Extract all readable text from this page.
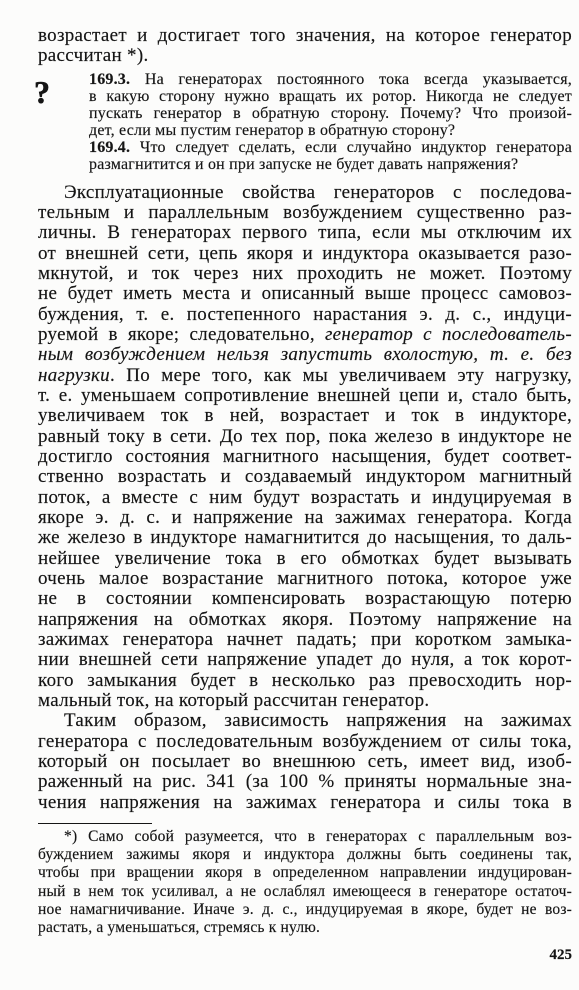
возрастает и достигает того значения, на которое генератор
рассчитан *).
? 169.3. На генераторах постоянного тока всегда указывается,
в какую сторону нужно вращать их ротор. Никогда не следует
пускать генератор в обратную сторону. Почему? Что произой-
дет, если мы пустим генератор в обратную сторону?
169.4. Что следует сделать, если случайно индуктор генератора
размагнитится и он при запуске не будет давать напряжения?
Эксплуатационные свойства генераторов с последова-
тельным и параллельным возбуждением существенно раз-
личны. В генераторах первого типа, если мы отключим их
от внешней сети, цепь якоря и индуктора оказывается разо-
мкнутой, и ток через них проходить не может. Поэтому
не будет иметь места и описанный выше процесс самовоз-
буждения, т. е. постепенного нарастания э. д. с., индуци-
руемой в якоре; следовательно, генератор с последователь-
ным возбуждением нельзя запустить вхолостую, т. е. без
нагрузки. По мере того, как мы увеличиваем эту нагрузку,
т. е. уменьшаем сопротивление внешней цепи и, стало быть,
увеличиваем ток в ней, возрастает и ток в индукторе,
равный току в сети. До тех пор, пока железо в индукторе не
достигло состояния магнитного насыщения, будет соответ-
ственно возрастать и создаваемый индуктором магнитный
поток, а вместе с ним будут возрастать и индуцируемая в
якоре э. д. с. и напряжение на зажимах генератора. Когда
же железо в индукторе намагнитится до насыщения, то даль-
нейшее увеличение тока в его обмотках будет вызывать
очень малое возрастание магнитного потока, которое уже
не в состоянии компенсировать возрастающую потерю
напряжения на обмотках якоря. Поэтому напряжение на
зажимах генератора начнет падать; при коротком замыка-
нии внешней сети напряжение упадет до нуля, а ток корот-
кого замыкания будет в несколько раз превосходить нор-
мальный ток, на который рассчитан генератор.
Таким образом, зависимость напряжения на зажимах
генератора с последовательным возбуждением от силы тока,
который он посылает во внешнюю сеть, имеет вид, изоб-
раженный на рис. 341 (за 100 % приняты нормальные зна-
чения напряжения на зажимах генератора и силы тока в
*) Само собой разумеется, что в генераторах с параллельным воз-
буждением зажимы якоря и индуктора должны быть соединены так,
чтобы при вращении якоря в определенном направлении индуцирован-
ный в нем ток усиливал, а не ослаблял имеющееся в генераторе остаточ-
ное намагничивание. Иначе э. д. с., индуцируемая в якоре, будет не воз-
растать, а уменьшаться, стремясь к нулю.
425
